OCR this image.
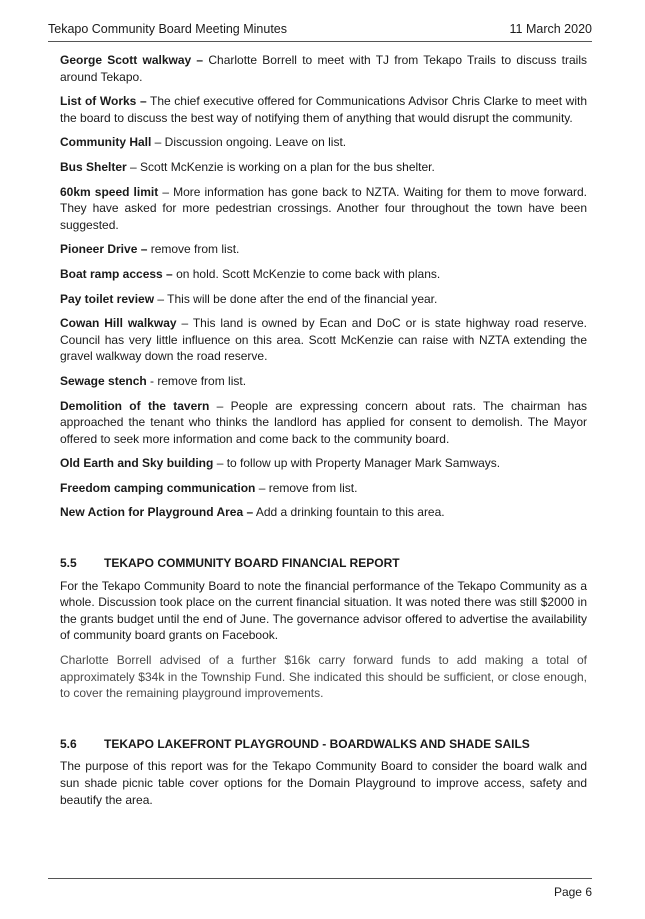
Tekapo Community Board Meeting Minutes	11 March 2020

George Scott walkway – Charlotte Borrell to meet with TJ from Tekapo Trails to discuss trails around Tekapo.

List of Works – The chief executive offered for Communications Advisor Chris Clarke to meet with the board to discuss the best way of notifying them of anything that would disrupt the community.

Community Hall – Discussion ongoing. Leave on list.

Bus Shelter – Scott McKenzie is working on a plan for the bus shelter.

60km speed limit – More information has gone back to NZTA. Waiting for them to move forward. They have asked for more pedestrian crossings. Another four throughout the town have been suggested.

Pioneer Drive – remove from list.

Boat ramp access – on hold. Scott McKenzie to come back with plans.

Pay toilet review – This will be done after the end of the financial year.

Cowan Hill walkway – This land is owned by Ecan and DoC or is state highway road reserve. Council has very little influence on this area. Scott McKenzie can raise with NZTA extending the gravel walkway down the road reserve.

Sewage stench - remove from list.

Demolition of the tavern – People are expressing concern about rats. The chairman has approached the tenant who thinks the landlord has applied for consent to demolish. The Mayor offered to seek more information and come back to the community board.

Old Earth and Sky building – to follow up with Property Manager Mark Samways.

Freedom camping communication – remove from list.

New Action for Playground Area – Add a drinking fountain to this area.

5.5	TEKAPO COMMUNITY BOARD FINANCIAL REPORT

For the Tekapo Community Board to note the financial performance of the Tekapo Community as a whole. Discussion took place on the current financial situation. It was noted there was still $2000 in the grants budget until the end of June. The governance advisor offered to advertise the availability of community board grants on Facebook.

Charlotte Borrell advised of a further $16k carry forward funds to add making a total of approximately $34k in the Township Fund. She indicated this should be sufficient, or close enough, to cover the remaining playground improvements.

5.6	TEKAPO LAKEFRONT PLAYGROUND - BOARDWALKS AND SHADE SAILS

The purpose of this report was for the Tekapo Community Board to consider the board walk and sun shade picnic table cover options for the Domain Playground to improve access, safety and beautify the area.

Page 6
